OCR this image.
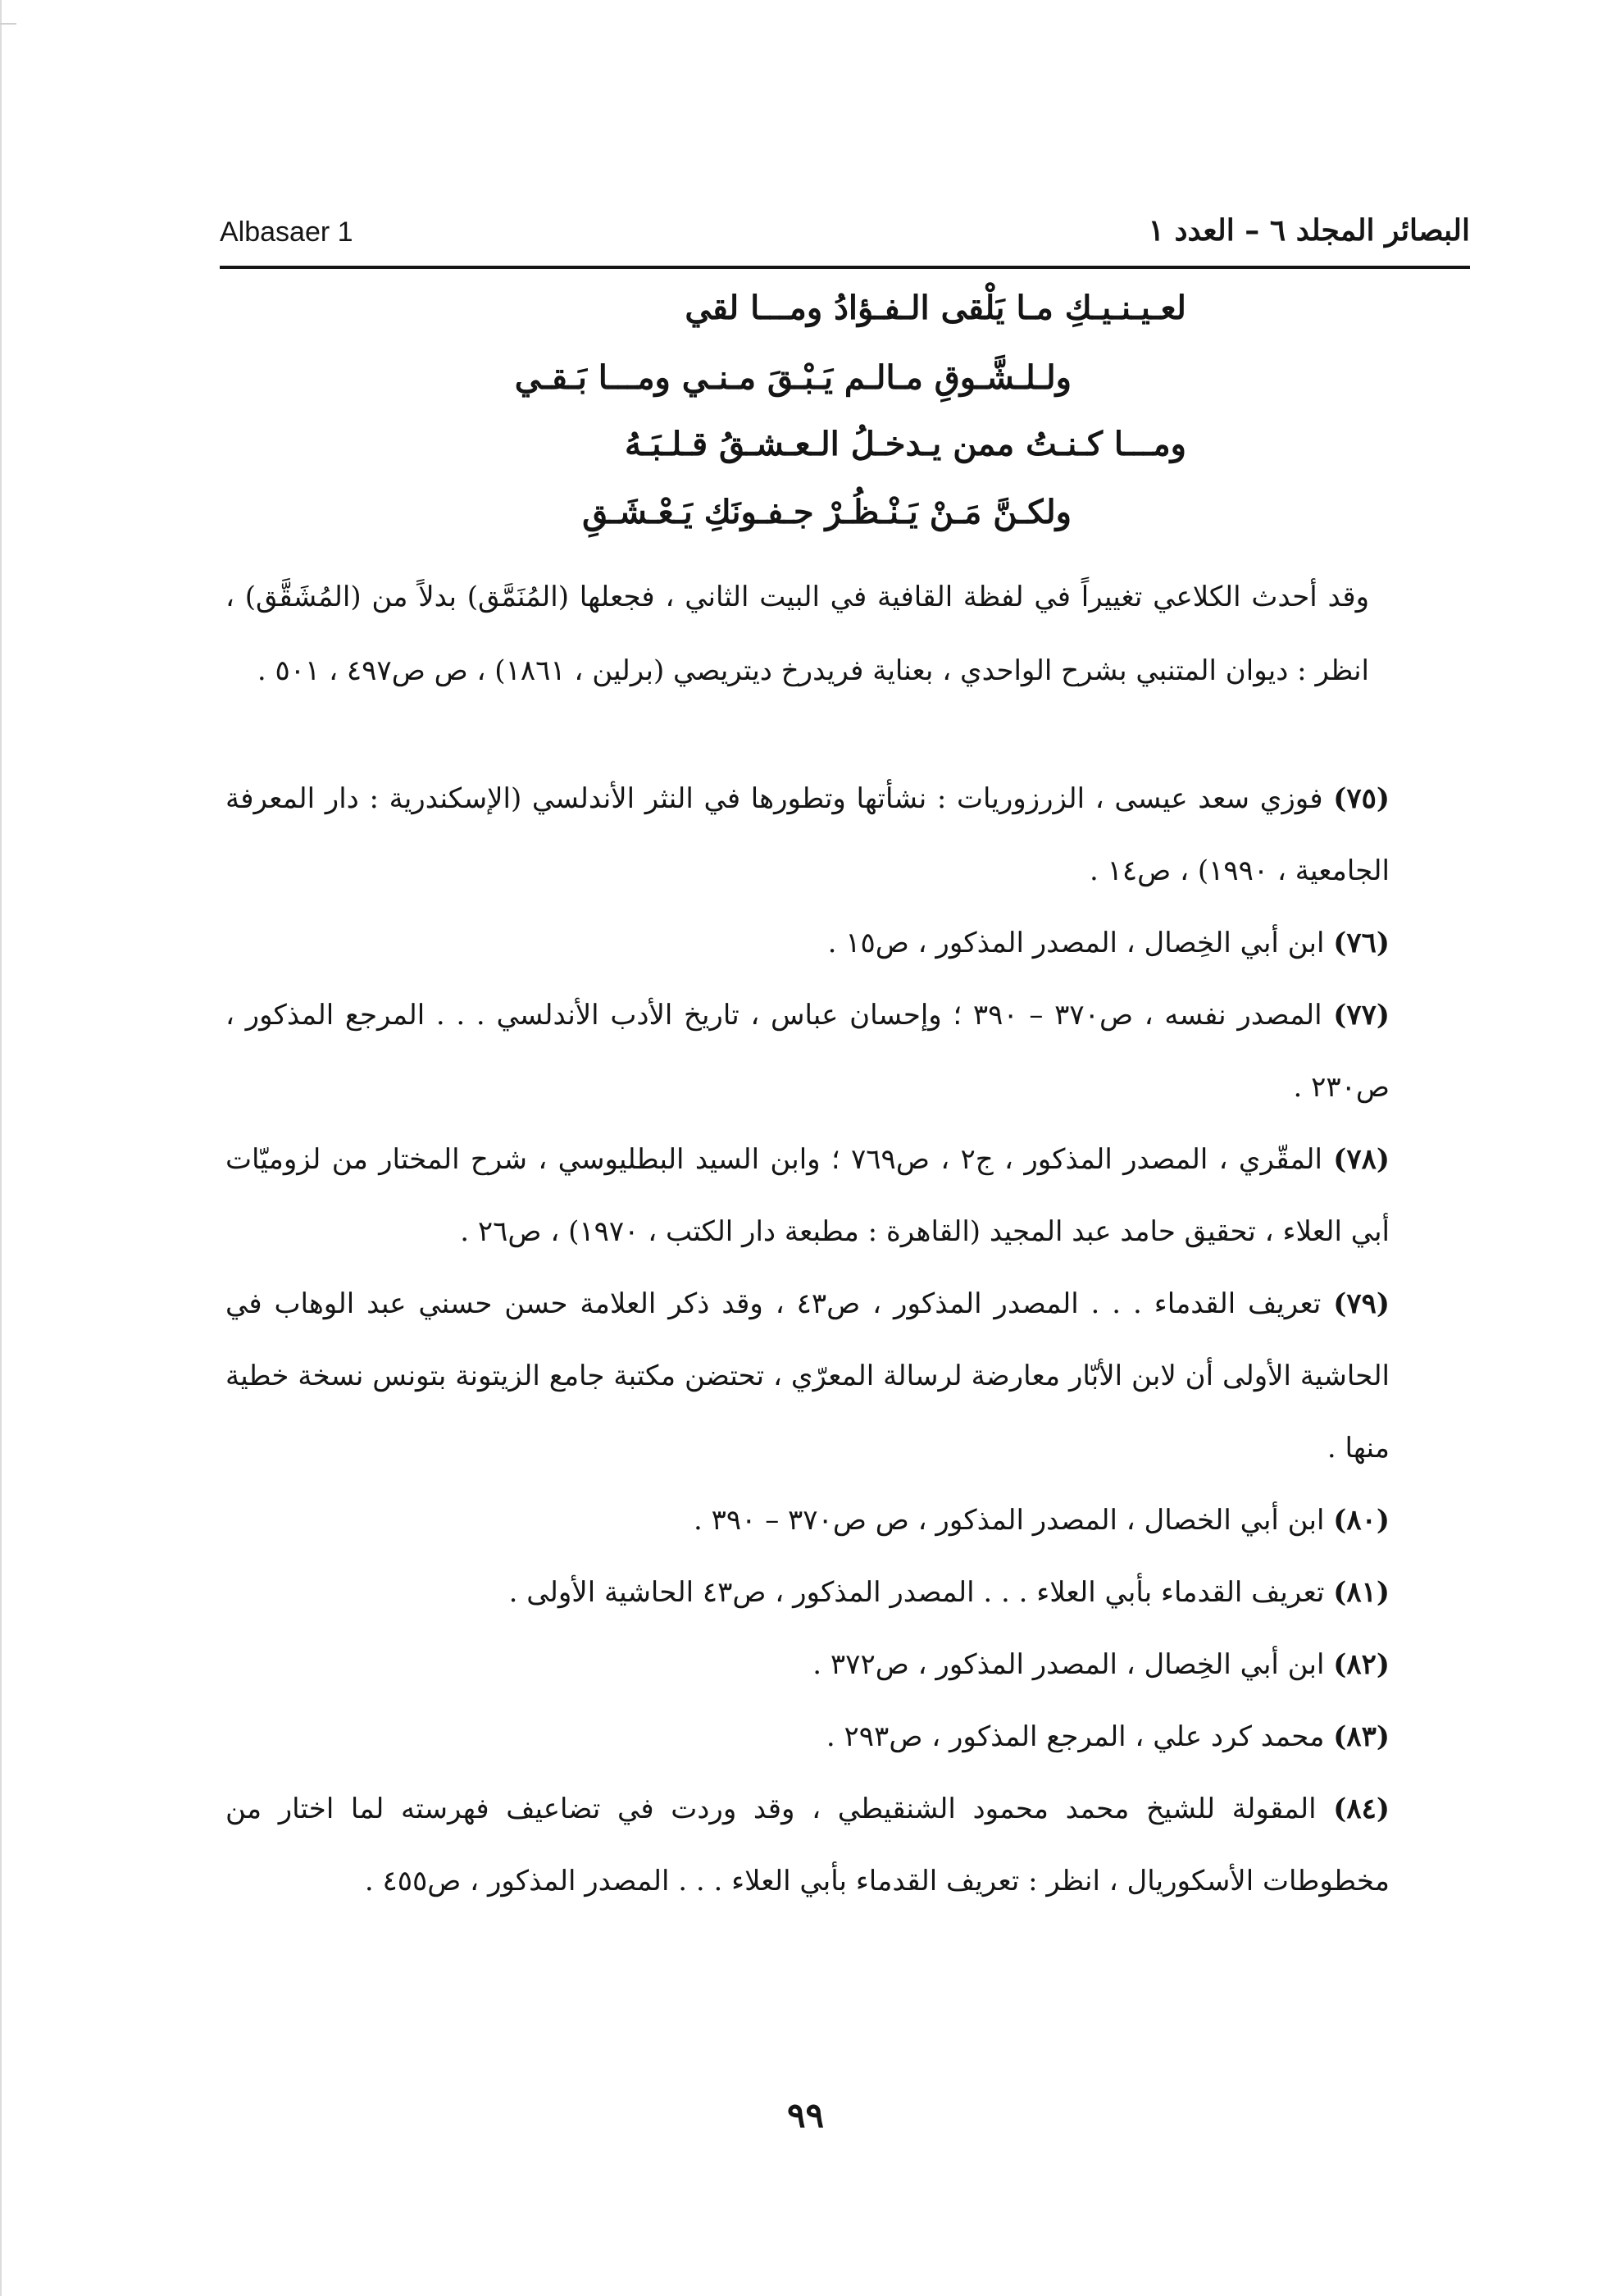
البصائر المجلد ٦ – العدد ١
Albasaer 1
لعـيـنـيـكِ مـا يَلْقى الـفـؤادُ ومـــا لقي
ولـلـشَّـوقِ مـالـم يَـبْـقَ مـنـي ومـــا بَـقـي
ومـــا كـنـتُ ممن يـدخـلُ الـعـشـقُ قـلـبَـهُ
ولكـنَّ مَـنْ يَـنْـظُـرْ جـفـونَكِ يَـعْـشَـقِ

وقد أحدث الكلاعي تغييراً في لفظة القافية في البيت الثاني ، فجعلها (المُنَمَّق) بدلاً من (المُشَقَّق) ، انظر : ديوان المتنبي بشرح الواحدي ، بعناية فريدرخ ديتريصي (برلين ، ١٨٦١) ، ص ص٤٩٧ ، ٥٠١ .

(٧٥) فوزي سعد عيسى ، الزرزوريات : نشأتها وتطورها في النثر الأندلسي (الإسكندرية : دار المعرفة الجامعية ، ١٩٩٠) ، ص١٤ .
(٧٦) ابن أبي الخِصال ، المصدر المذكور ، ص١٥ .
(٧٧) المصدر نفسه ، ص٣٧٠ – ٣٩٠ ؛ وإحسان عباس ، تاريخ الأدب الأندلسي . . . المرجع المذكور ، ص٢٣٠ .
(٧٨) المقّري ، المصدر المذكور ، ج٢ ، ص٧٦٩ ؛ وابن السيد البطليوسي ، شرح المختار من لزوميّات أبي العلاء ، تحقيق حامد عبد المجيد (القاهرة : مطبعة دار الكتب ، ١٩٧٠) ، ص٢٦ .
(٧٩) تعريف القدماء . . . المصدر المذكور ، ص٤٣ ، وقد ذكر العلامة حسن حسني عبد الوهاب في الحاشية الأولى أن لابن الأبّار معارضة لرسالة المعرّي ، تحتضن مكتبة جامع الزيتونة بتونس نسخة خطية منها .
(٨٠) ابن أبي الخصال ، المصدر المذكور ، ص ص٣٧٠ – ٣٩٠ .
(٨١) تعريف القدماء بأبي العلاء . . . المصدر المذكور ، ص٤٣ الحاشية الأولى .
(٨٢) ابن أبي الخِصال ، المصدر المذكور ، ص٣٧٢ .
(٨٣) محمد كرد علي ، المرجع المذكور ، ص٢٩٣ .
(٨٤) المقولة للشيخ محمد محمود الشنقيطي ، وقد وردت في تضاعيف فهرسته لما اختار من مخطوطات الأسكوريال ، انظر : تعريف القدماء بأبي العلاء . . . المصدر المذكور ، ص٤٥٥ .
٩٩
